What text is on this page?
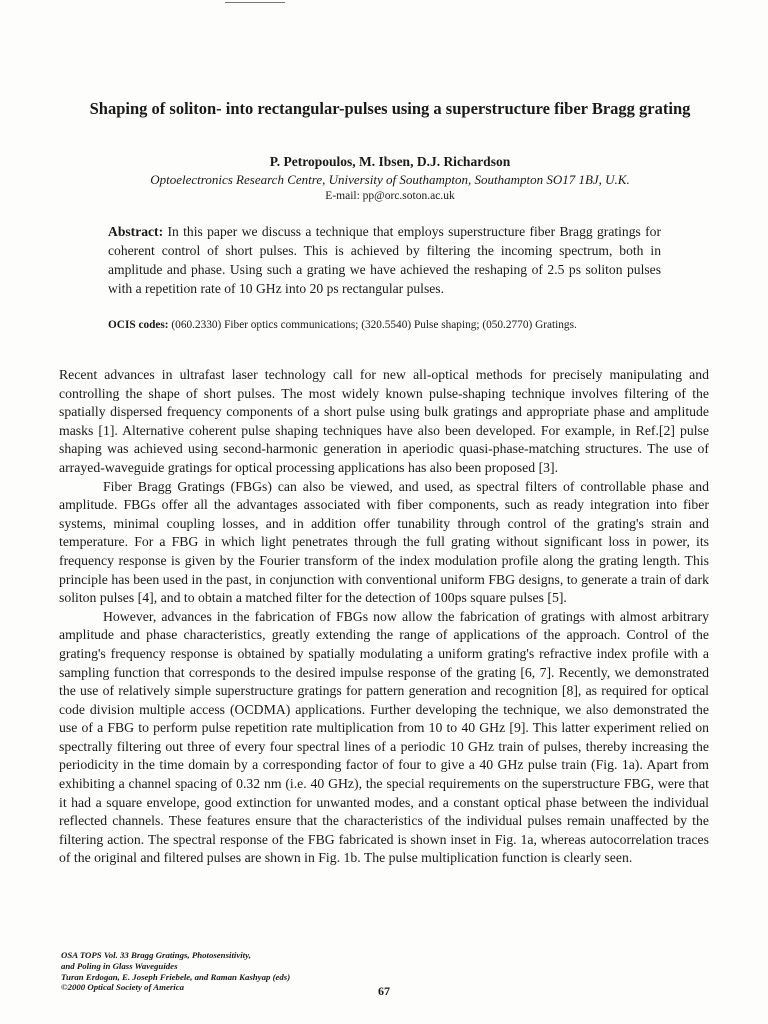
Shaping of soliton- into rectangular-pulses using a superstructure fiber Bragg grating
P. Petropoulos, M. Ibsen, D.J. Richardson
Optoelectronics Research Centre, University of Southampton, Southampton SO17 1BJ, U.K.
E-mail: pp@orc.soton.ac.uk
Abstract: In this paper we discuss a technique that employs superstructure fiber Bragg gratings for coherent control of short pulses. This is achieved by filtering the incoming spectrum, both in amplitude and phase. Using such a grating we have achieved the reshaping of 2.5 ps soliton pulses with a repetition rate of 10 GHz into 20 ps rectangular pulses.
OCIS codes: (060.2330) Fiber optics communications; (320.5540) Pulse shaping; (050.2770) Gratings.

Recent advances in ultrafast laser technology call for new all-optical methods for precisely manipulating and controlling the shape of short pulses. The most widely known pulse-shaping technique involves filtering of the spatially dispersed frequency components of a short pulse using bulk gratings and appropriate phase and amplitude masks [1]. Alternative coherent pulse shaping techniques have also been developed. For example, in Ref.[2] pulse shaping was achieved using second-harmonic generation in aperiodic quasi-phase-matching structures. The use of arrayed-waveguide gratings for optical processing applications has also been proposed [3].

Fiber Bragg Gratings (FBGs) can also be viewed, and used, as spectral filters of controllable phase and amplitude. FBGs offer all the advantages associated with fiber components, such as ready integration into fiber systems, minimal coupling losses, and in addition offer tunability through control of the grating's strain and temperature. For a FBG in which light penetrates through the full grating without significant loss in power, its frequency response is given by the Fourier transform of the index modulation profile along the grating length. This principle has been used in the past, in conjunction with conventional uniform FBG designs, to generate a train of dark soliton pulses [4], and to obtain a matched filter for the detection of 100ps square pulses [5].

However, advances in the fabrication of FBGs now allow the fabrication of gratings with almost arbitrary amplitude and phase characteristics, greatly extending the range of applications of the approach. Control of the grating's frequency response is obtained by spatially modulating a uniform grating's refractive index profile with a sampling function that corresponds to the desired impulse response of the grating [6, 7]. Recently, we demonstrated the use of relatively simple superstructure gratings for pattern generation and recognition [8], as required for optical code division multiple access (OCDMA) applications. Further developing the technique, we also demonstrated the use of a FBG to perform pulse repetition rate multiplication from 10 to 40 GHz [9]. This latter experiment relied on spectrally filtering out three of every four spectral lines of a periodic 10 GHz train of pulses, thereby increasing the periodicity in the time domain by a corresponding factor of four to give a 40 GHz pulse train (Fig. 1a). Apart from exhibiting a channel spacing of 0.32 nm (i.e. 40 GHz), the special requirements on the superstructure FBG, were that it had a square envelope, good extinction for unwanted modes, and a constant optical phase between the individual reflected channels. These features ensure that the characteristics of the individual pulses remain unaffected by the filtering action. The spectral response of the FBG fabricated is shown inset in Fig. 1a, whereas autocorrelation traces of the original and filtered pulses are shown in Fig. 1b. The pulse multiplication function is clearly seen.

OSA TOPS Vol. 33 Bragg Gratings, Photosensitivity,
and Poling in Glass Waveguides
Turan Erdogan, E. Joseph Friebele, and Raman Kashyap (eds)
©2000 Optical Society of America	67
